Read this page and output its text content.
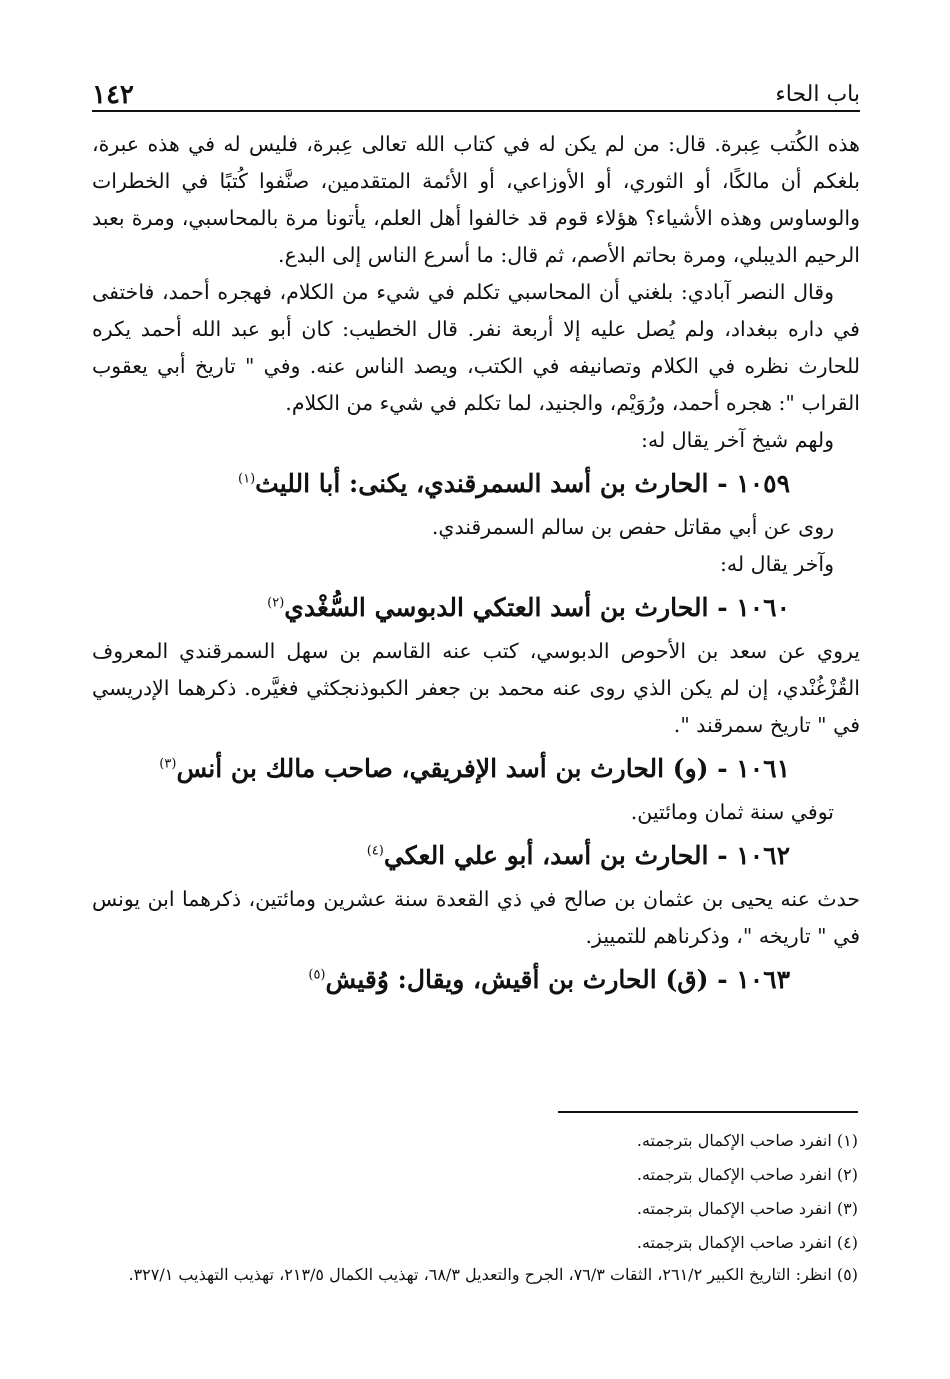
باب الحاء
١٤٢

هذه الكُتب عِبرة. قال: من لم يكن له في كتاب الله تعالى عِبرة، فليس له في هذه عبرة، بلغكم أن مالكًا، أو الثوري، أو الأوزاعي، أو الأئمة المتقدمين، صنَّفوا كُتبًا في الخطرات والوساوس وهذه الأشياء؟ هؤلاء قوم قد خالفوا أهل العلم، يأتونا مرة بالمحاسبي، ومرة بعبد الرحيم الديبلي، ومرة بحاتم الأصم، ثم قال: ما أسرع الناس إلى البدع.

وقال النصر آبادي: بلغني أن المحاسبي تكلم في شيء من الكلام، فهجره أحمد، فاختفى في داره ببغداد، ولم يُصل عليه إلا أربعة نفر. قال الخطيب: كان أبو عبد الله أحمد يكره للحارث نظره في الكلام وتصانيفه في الكتب، ويصد الناس عنه. وفي " تاريخ أبي يعقوب القراب ": هجره أحمد، ورُوَيْم، والجنيد، لما تكلم في شيء من الكلام.

ولهم شيخ آخر يقال له:

١٠٥٩ - الحارث بن أسد السمرقندي، يكنى: أبا الليث$^{(١)}$

روى عن أبي مقاتل حفص بن سالم السمرقندي.

وآخر يقال له:

١٠٦٠ - الحارث بن أسد العتكي الدبوسي السُّغْدي$^{(٢)}$

يروي عن سعد بن الأحوص الدبوسي، كتب عنه القاسم بن سهل السمرقندي المعروف القُزْغُنْدي، إن لم يكن الذي روى عنه محمد بن جعفر الكبوذنجكثي فغيَّره. ذكرهما الإدريسي في " تاريخ سمرقند ".

١٠٦١ - (و) الحارث بن أسد الإفريقي، صاحب مالك بن أنس$^{(٣)}$

توفي سنة ثمان ومائتين.

١٠٦٢ - الحارث بن أسد، أبو علي العكي$^{(٤)}$

حدث عنه يحيى بن عثمان بن صالح في ذي القعدة سنة عشرين ومائتين، ذكرهما ابن يونس في " تاريخه "، وذكرناهم للتمييز.

١٠٦٣ - (ق) الحارث بن أقيش، ويقال: وُقيش$^{(٥)}$

(١) انفرد صاحب الإكمال بترجمته.

(٢) انفرد صاحب الإكمال بترجمته.

(٣) انفرد صاحب الإكمال بترجمته.

(٤) انفرد صاحب الإكمال بترجمته.

(٥) انظر: التاريخ الكبير ٢٦١/٢، الثقات ٧٦/٣، الجرح والتعديل ٦٨/٣، تهذيب الكمال ٢١٣/٥، تهذيب التهذيب ٣٢٧/١.
